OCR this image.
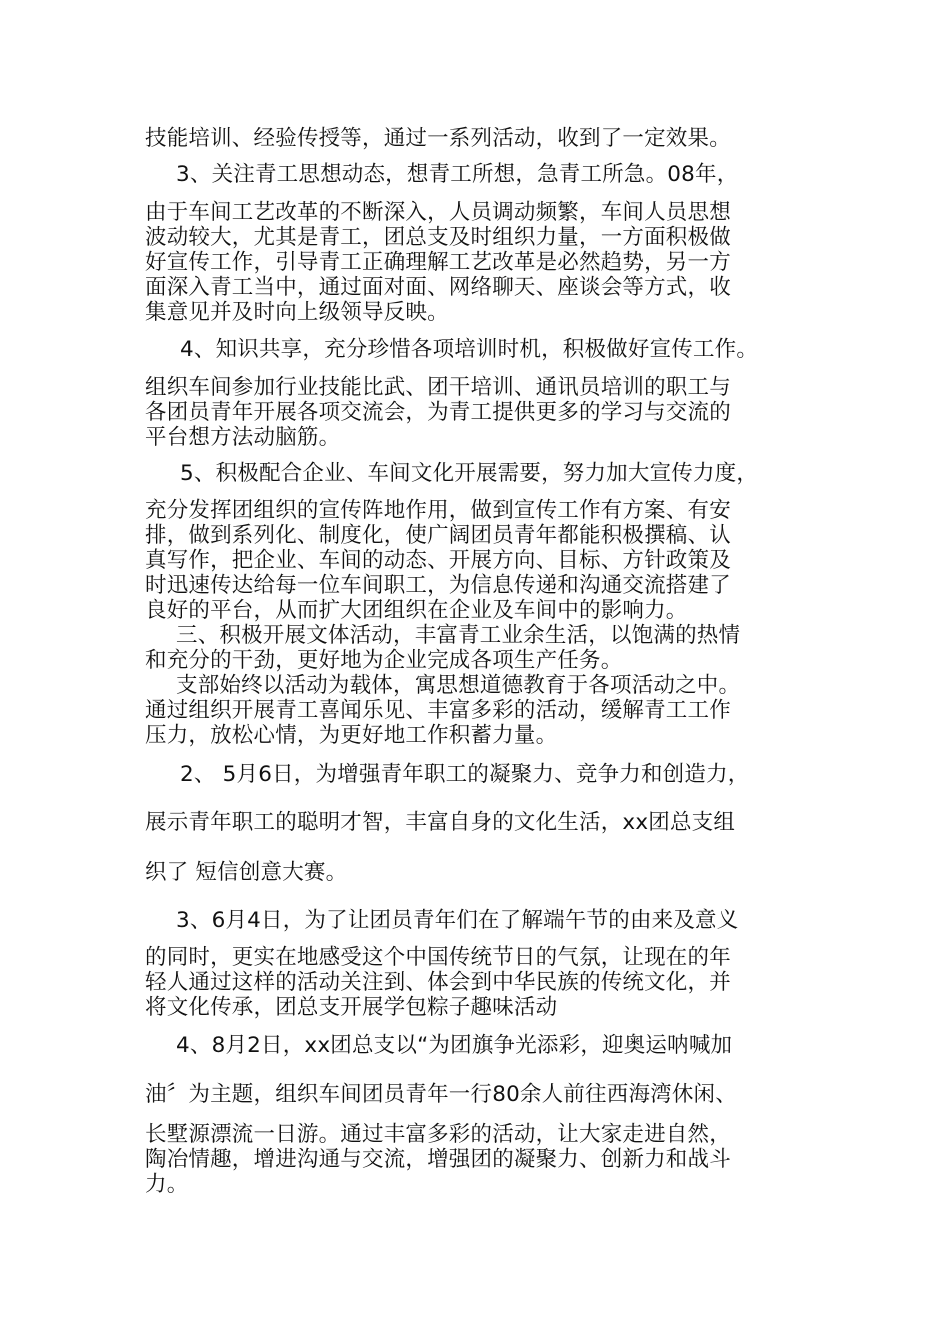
技能培训、经验传授等，通过一系列活动，收到了一定效果。
3、关注青工思想动态，想青工所想，急青工所急。08年，
由于车间工艺改革的不断深入，人员调动频繁，车间人员思想
波动较大，尤其是青工，团总支及时组织力量，一方面积极做
好宣传工作，引导青工正确理解工艺改革是必然趋势，另一方
面深入青工当中，通过面对面、网络聊天、座谈会等方式，收
集意见并及时向上级领导反映。
4、知识共享，充分珍惜各项培训时机，积极做好宣传工作。
组织车间参加行业技能比武、团干培训、通讯员培训的职工与
各团员青年开展各项交流会，为青工提供更多的学习与交流的
平台想方法动脑筋。
5、积极配合企业、车间文化开展需要，努力加大宣传力度，
充分发挥团组织的宣传阵地作用，做到宣传工作有方案、有安
排，做到系列化、制度化，使广阔团员青年都能积极撰稿、认
真写作，把企业、车间的动态、开展方向、目标、方针政策及
时迅速传达给每一位车间职工，为信息传递和沟通交流搭建了
良好的平台，从而扩大团组织在企业及车间中的影响力。
三、积极开展文体活动，丰富青工业余生活，以饱满的热情
和充分的干劲，更好地为企业完成各项生产任务。
支部始终以活动为载体，寓思想道德教育于各项活动之中。
通过组织开展青工喜闻乐见、丰富多彩的活动，缓解青工工作
压力，放松心情，为更好地工作积蓄力量。
2、 5月6日，为增强青年职工的凝聚力、竞争力和创造力，
展示青年职工的聪明才智，丰富自身的文化生活，xx团总支组
织了 短信创意大赛。
3、6月4日，为了让团员青年们在了解端午节的由来及意义
的同时，更实在地感受这个中国传统节日的气氛，让现在的年
轻人通过这样的活动关注到、体会到中华民族的传统文化，并
将文化传承，团总支开展学包粽子趣味活动
4、8月2日，xx团总支以“为团旗争光添彩，迎奥运呐喊加
油〞为主题，组织车间团员青年一行80余人前往西海湾休闲、
长墅源漂流一日游。通过丰富多彩的活动，让大家走进自然，
陶冶情趣，增进沟通与交流，增强团的凝聚力、创新力和战斗
力。
